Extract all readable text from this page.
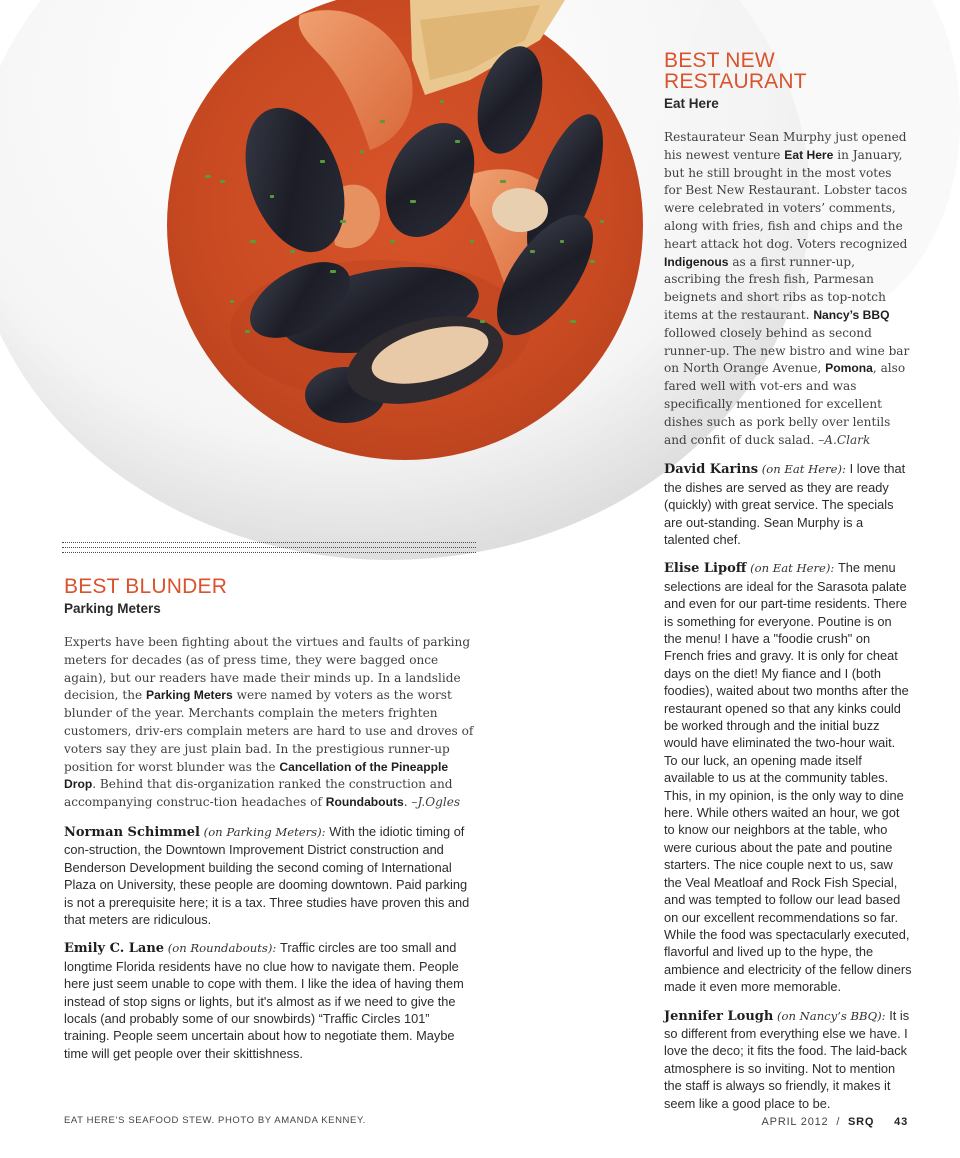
BEST NEW RESTAURANT
Eat Here

Restaurateur Sean Murphy just opened his newest venture Eat Here in January, but he still brought in the most votes for Best New Restaurant. Lobster tacos were celebrated in voters’ comments, along with fries, fish and chips and the heart attack hot dog. Voters recognized Indigenous as a first runner-up, ascribing the fresh fish, Parmesan beignets and short ribs as top-notch items at the restaurant. Nancy’s BBQ followed closely behind as second runner-up. The new bistro and wine bar on North Orange Avenue, Pomona, also fared well with vot-ers and was specifically mentioned for excellent dishes such as pork belly over lentils and confit of duck salad. –A.Clark

David Karins (on Eat Here): I love that the dishes are served as they are ready (quickly) with great service. The specials are out-standing. Sean Murphy is a talented chef.

Elise Lipoff (on Eat Here): The menu selections are ideal for the Sarasota palate and even for our part-time residents. There is something for everyone. Poutine is on the menu! I have a "foodie crush" on French fries and gravy. It is only for cheat days on the diet! My fiance and I (both foodies), waited about two months after the restaurant opened so that any kinks could be worked through and the initial buzz would have eliminated the two-hour wait. To our luck, an opening made itself available to us at the community tables. This, in my opinion, is the only way to dine here. While others waited an hour, we got to know our neighbors at the table, who were curious about the pate and poutine starters. The nice couple next to us, saw the Veal Meatloaf and Rock Fish Special, and was tempted to follow our lead based on our excellent recommendations so far. While the food was spectacularly executed, flavorful and lived up to the hype, the ambience and electricity of the fellow diners made it even more memorable.

Jennifer Lough (on Nancy’s BBQ): It is so different from everything else we have. I love the deco; it fits the food. The laid-back atmosphere is so inviting. Not to mention the staff is always so friendly, it makes it seem like a good place to be.

BEST BLUNDER
Parking Meters

Experts have been fighting about the virtues and faults of parking meters for decades (as of press time, they were bagged once again), but our readers have made their minds up. In a landslide decision, the Parking Meters were named by voters as the worst blunder of the year. Merchants complain the meters frighten customers, driv-ers complain meters are hard to use and droves of voters say they are just plain bad. In the prestigious runner-up position for worst blunder was the Cancellation of the Pineapple Drop. Behind that dis-organization ranked the construction and accompanying construc-tion headaches of Roundabouts. –J.Ogles

Norman Schimmel (on Parking Meters): With the idiotic timing of con-struction, the Downtown Improvement District construction and Benderson Development building the second coming of International Plaza on University, these people are dooming downtown. Paid parking is not a prerequisite here; it is a tax. Three studies have proven this and that meters are ridiculous.

Emily C. Lane (on Roundabouts): Traffic circles are too small and longtime Florida residents have no clue how to navigate them. People here just seem unable to cope with them. I like the idea of having them instead of stop signs or lights, but it's almost as if we need to give the locals (and probably some of our snowbirds) “Traffic Circles 101” training. People seem uncertain about how to negotiate them. Maybe time will get people over their skittishness.

EAT HERE’S SEAFOOD STEW. PHOTO BY AMANDA KENNEY.	APRIL 2012 / SRQ 43
